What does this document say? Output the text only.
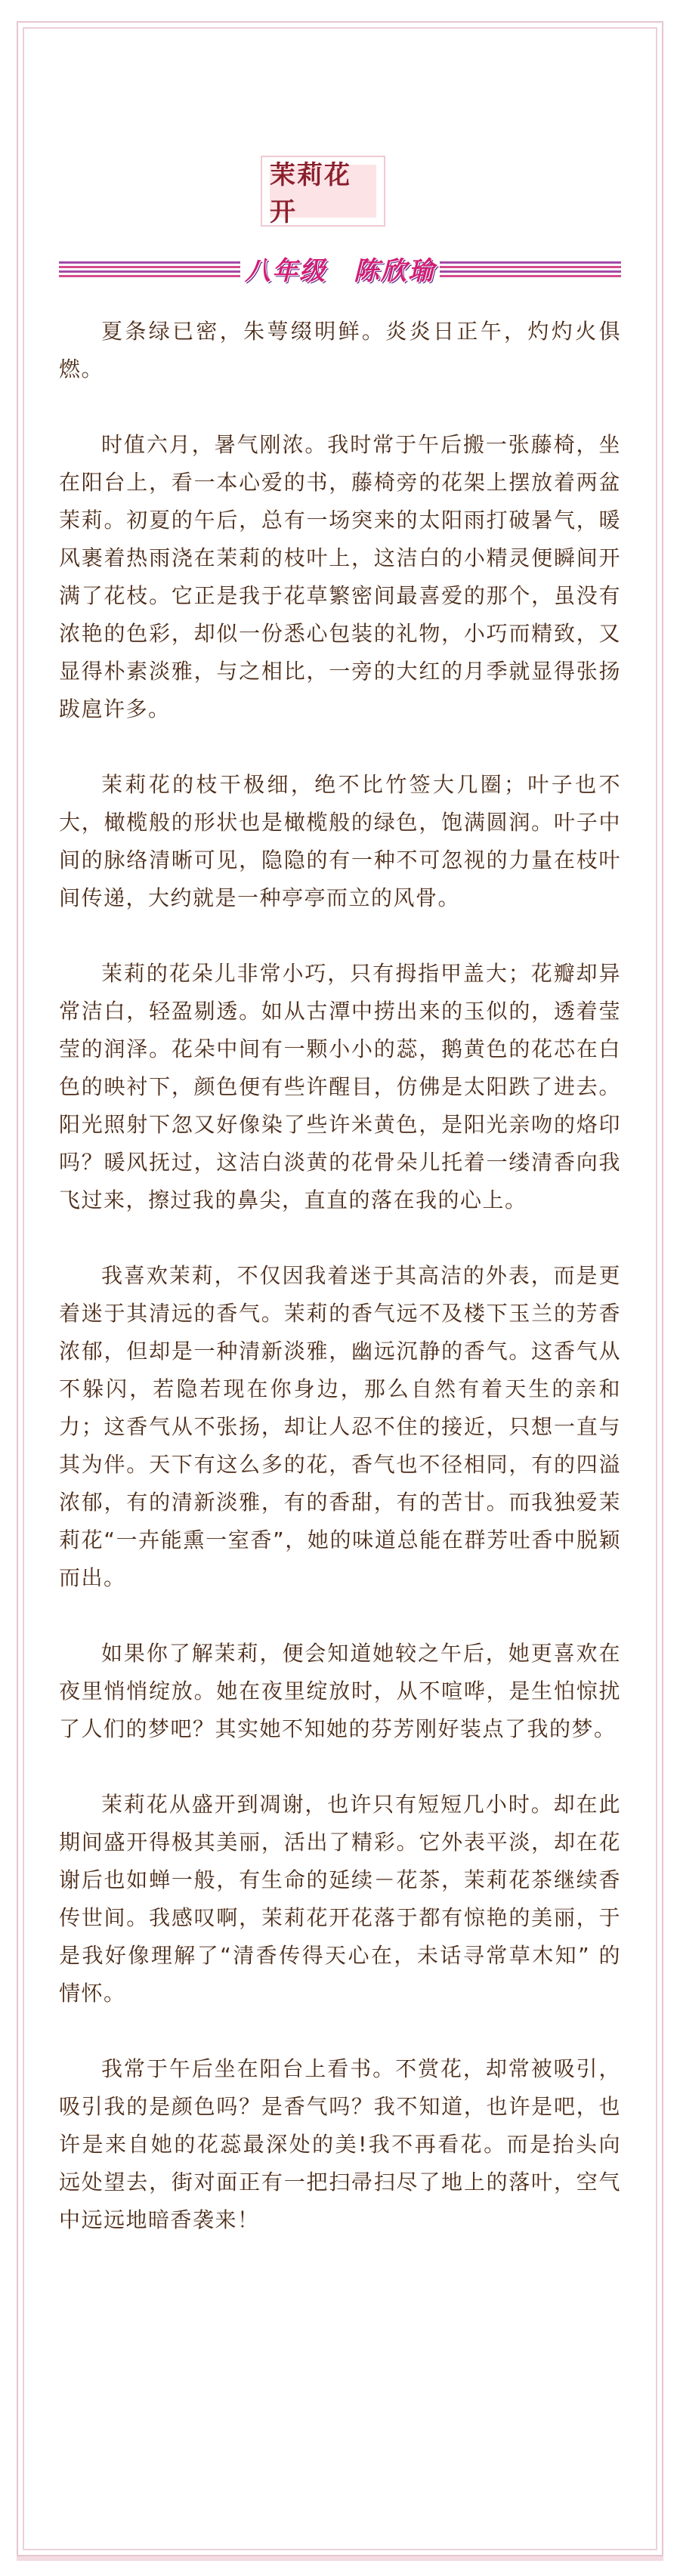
茉莉花开
八年级 陈欣瑜

夏条绿已密，朱萼缀明鲜。炎炎日正午，灼灼火俱燃。

时值六月，暑气刚浓。我时常于午后搬一张藤椅，坐在阳台上，看一本心爱的书，藤椅旁的花架上摆放着两盆茉莉。初夏的午后，总有一场突来的太阳雨打破暑气，暖风裹着热雨浇在茉莉的枝叶上，这洁白的小精灵便瞬间开满了花枝。它正是我于花草繁密间最喜爱的那个，虽没有浓艳的色彩，却似一份悉心包装的礼物，小巧而精致，又显得朴素淡雅，与之相比，一旁的大红的月季就显得张扬跋扈许多。

茉莉花的枝干极细，绝不比竹签大几圈；叶子也不大，橄榄般的形状也是橄榄般的绿色，饱满圆润。叶子中间的脉络清晰可见，隐隐的有一种不可忽视的力量在枝叶间传递，大约就是一种亭亭而立的风骨。

茉莉的花朵儿非常小巧，只有拇指甲盖大；花瓣却异常洁白，轻盈剔透。如从古潭中捞出来的玉似的，透着莹莹的润泽。花朵中间有一颗小小的蕊，鹅黄色的花芯在白色的映衬下，颜色便有些许醒目，仿佛是太阳跌了进去。阳光照射下忽又好像染了些许米黄色，是阳光亲吻的烙印吗？暖风抚过，这洁白淡黄的花骨朵儿托着一缕清香向我飞过来，擦过我的鼻尖，直直的落在我的心上。

我喜欢茉莉，不仅因我着迷于其高洁的外表，而是更着迷于其清远的香气。茉莉的香气远不及楼下玉兰的芳香浓郁，但却是一种清新淡雅，幽远沉静的香气。这香气从不躲闪，若隐若现在你身边，那么自然有着天生的亲和力；这香气从不张扬，却让人忍不住的接近，只想一直与其为伴。天下有这么多的花，香气也不径相同，有的四溢浓郁，有的清新淡雅，有的香甜，有的苦甘。而我独爱茉莉花“一卉能熏一室香”，她的味道总能在群芳吐香中脱颖而出。

如果你了解茉莉，便会知道她较之午后，她更喜欢在夜里悄悄绽放。她在夜里绽放时，从不喧哗，是生怕惊扰了人们的梦吧？其实她不知她的芬芳刚好装点了我的梦。

茉莉花从盛开到凋谢，也许只有短短几小时。却在此期间盛开得极其美丽，活出了精彩。它外表平淡，却在花谢后也如蝉一般，有生命的延续－花茶，茉莉花茶继续香传世间。我感叹啊，茉莉花开花落于都有惊艳的美丽，于是我好像理解了“清香传得天心在，未话寻常草木知” 的情怀。

我常于午后坐在阳台上看书。不赏花，却常被吸引，吸引我的是颜色吗？是香气吗？我不知道，也许是吧，也许是来自她的花蕊最深处的美!我不再看花。而是抬头向远处望去，街对面正有一把扫帚扫尽了地上的落叶，空气中远远地暗香袭来！
